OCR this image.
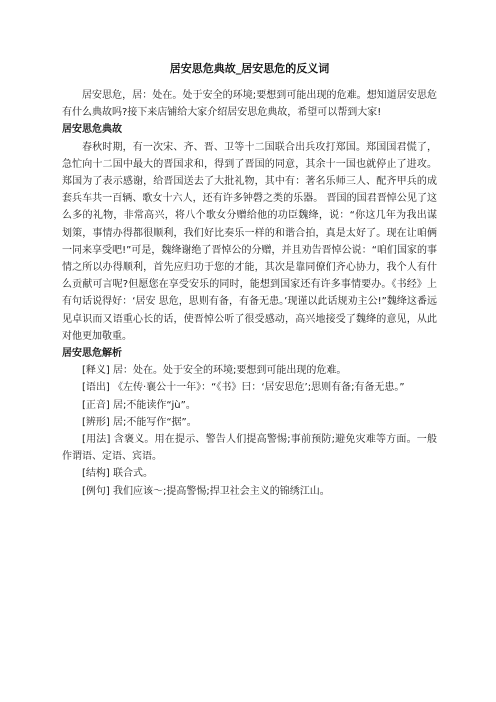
居安思危典故_居安思危的反义词

居安思危，居：处在。处于安全的环境;要想到可能出现的危难。想知道居安思危有什么典故吗?接下来店铺给大家介绍居安思危典故，希望可以帮到大家!

居安思危典故

春秋时期，有一次宋、齐、晋、卫等十二国联合出兵攻打郑国。郑国国君慌了，急忙向十二国中最大的晋国求和，得到了晋国的同意，其余十一国也就停止了进攻。郑国为了表示感谢，给晋国送去了大批礼物，其中有：著名乐师三人、配齐甲兵的成套兵车共一百辆、歌女十六人，还有许多钟磬之类的乐器。 晋国的国君晋悼公见了这么多的礼物，非常高兴，将八个歌女分赠给他的功臣魏绛，说：“你这几年为我出谋划策，事情办得都很顺利，我们好比奏乐一样的和谐合拍，真是太好了。现在让咱俩一同来享受吧!”可是，魏绛谢绝了晋悼公的分赠，并且劝告晋悼公说：“咱们国家的事情之所以办得顺利，首先应归功于您的才能，其次是靠同僚们齐心协力，我个人有什么贡献可言呢?但愿您在享受安乐的同时，能想到国家还有许多事情要办。《书经》上有句话说得好：‘居安 思危，思则有备，有备无患。’现谨以此话规劝主公!”魏绛这番远见卓识而又语重心长的话，使晋悼公听了很受感动，高兴地接受了魏绛的意见，从此对他更加敬重。

居安思危解析

[释义] 居：处在。处于安全的环境;要想到可能出现的危难。

[语出] 《左传·襄公十一年》：“《书》曰：‘居安思危’;思则有备;有备无患。”

[正音] 居;不能读作“jù”。

[辨形] 居;不能写作“据”。

[用法] 含褒义。用在提示、警告人们提高警惕;事前预防;避免灾难等方面。一般作谓语、定语、宾语。

[结构] 联合式。

[例句] 我们应该～;提高警惕;捍卫社会主义的锦绣江山。
